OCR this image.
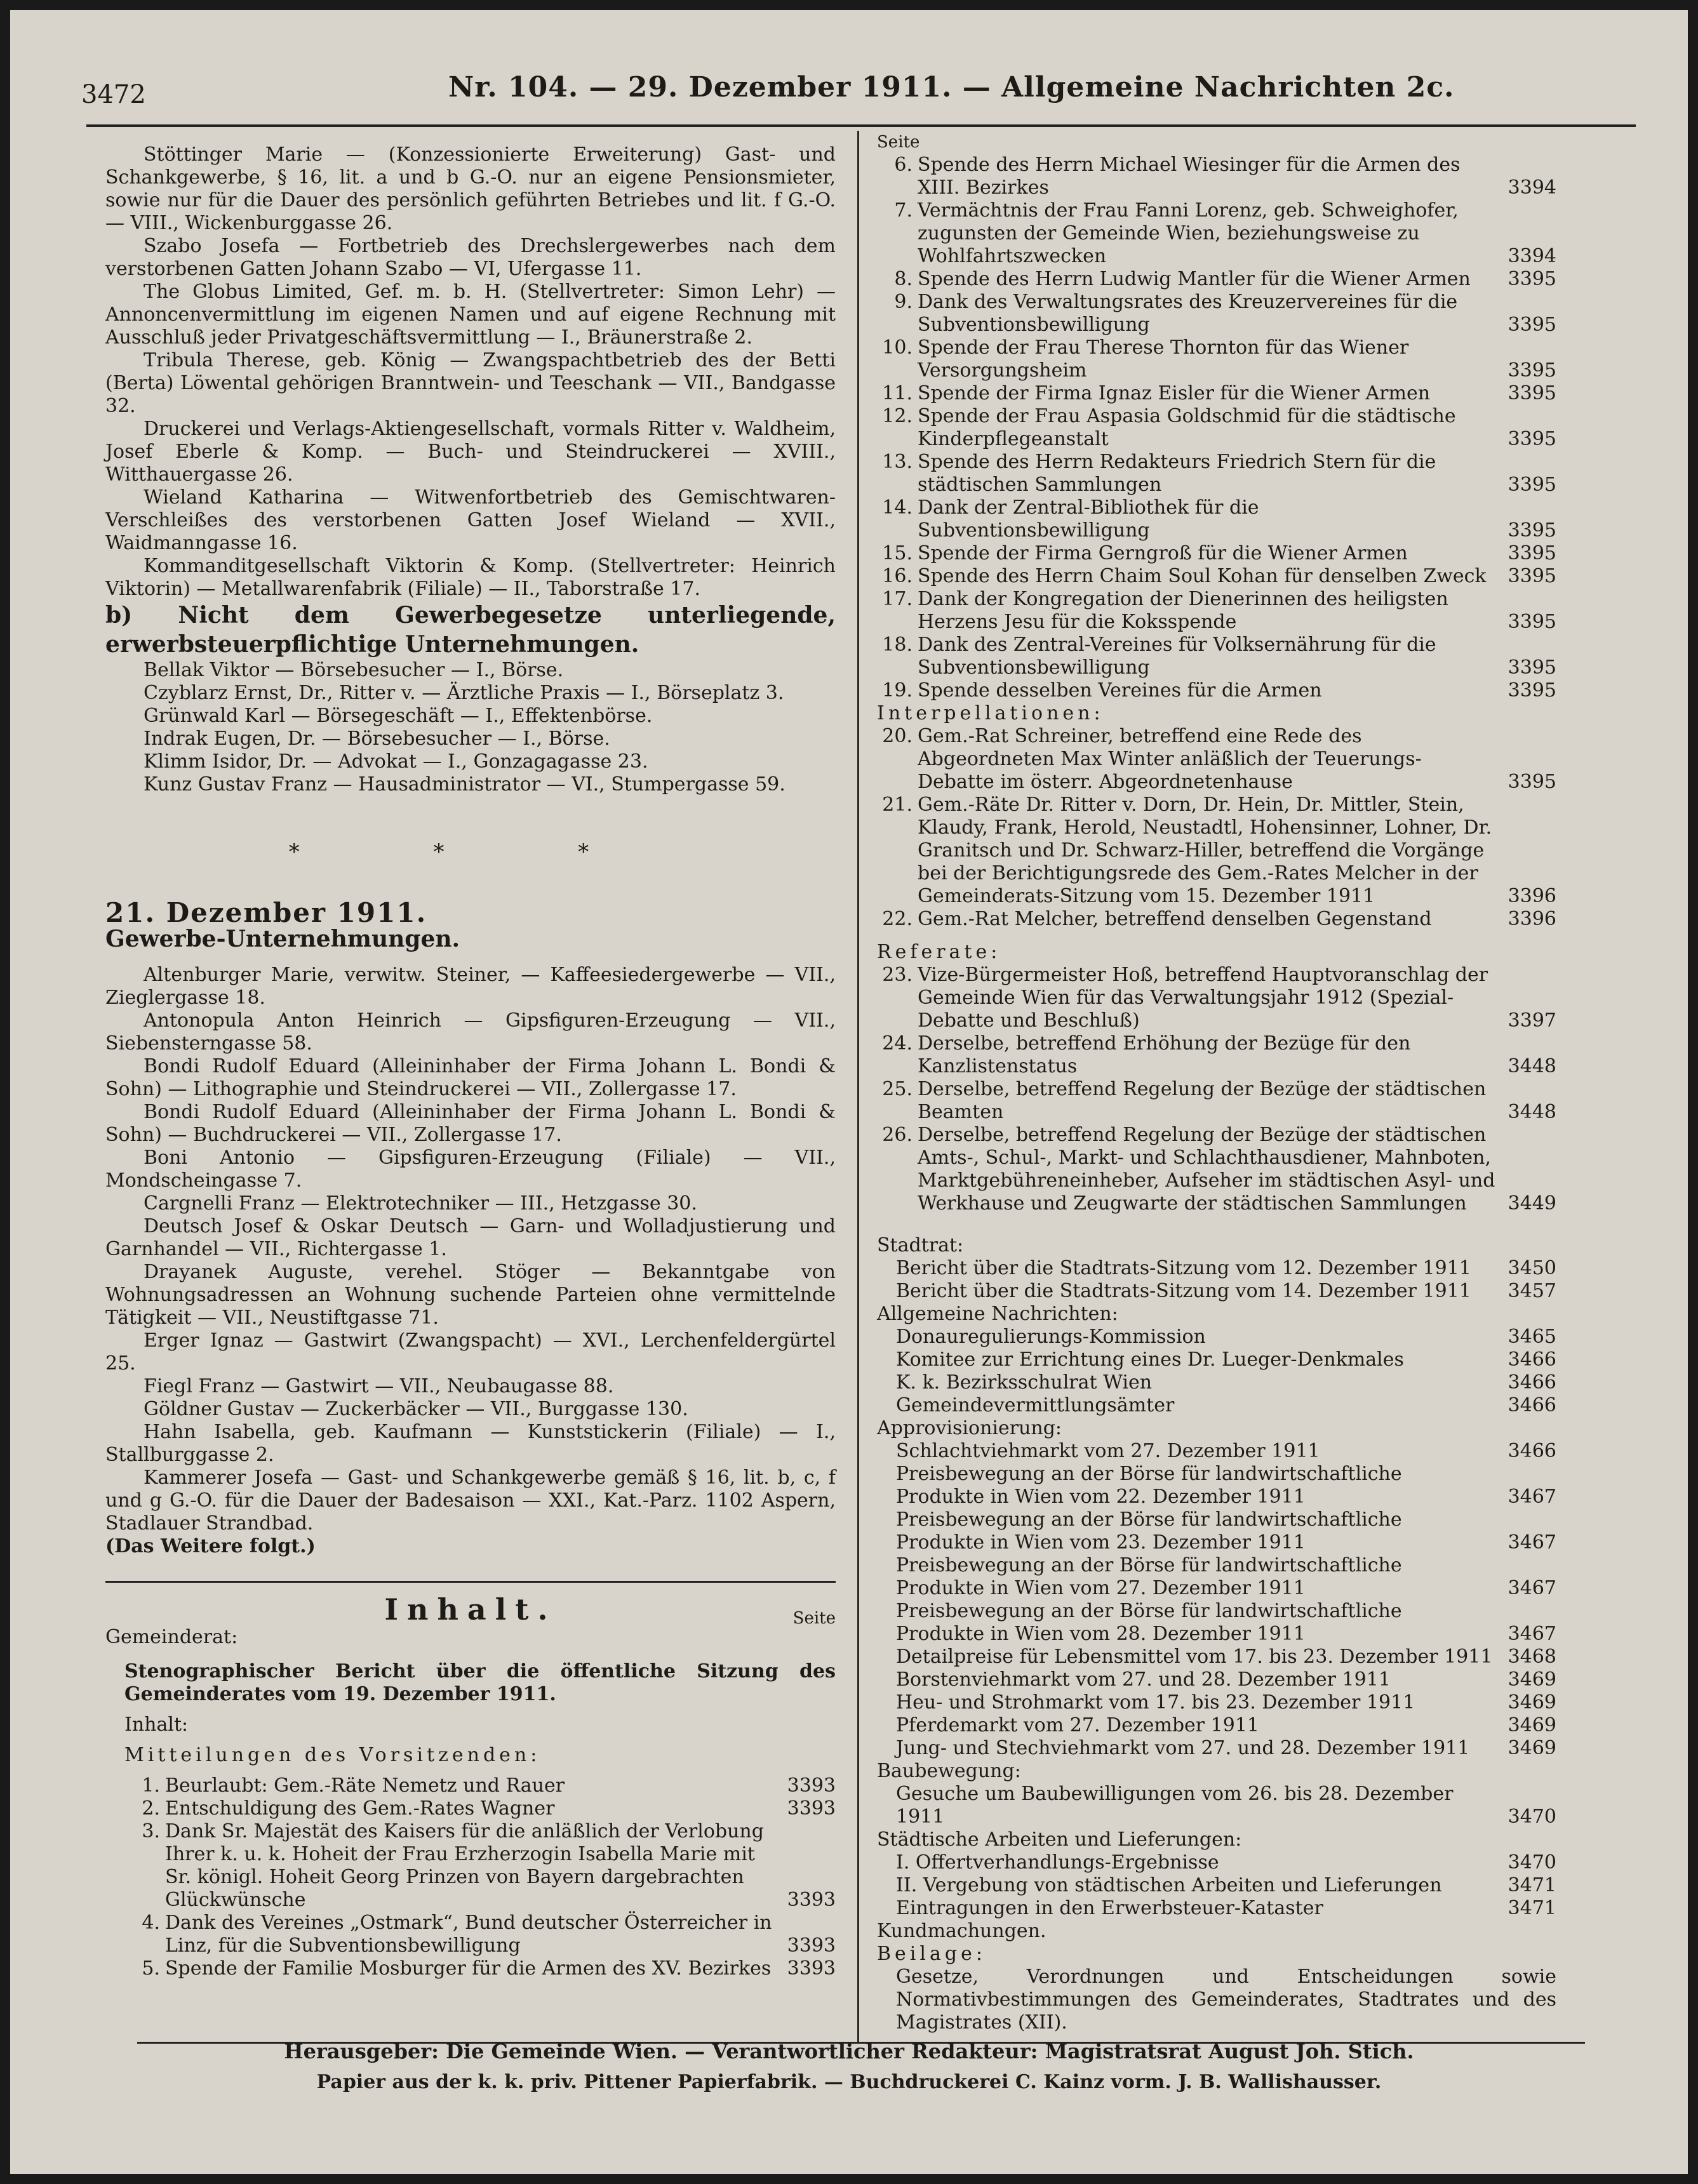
3472	Nr. 104. — 29. Dezember 1911. — Allgemeine Nachrichten 2c.

Stöttinger Marie — (Konzessionierte Erweiterung) Gast- und Schankgewerbe, § 16, lit. a und b G.-O. nur an eigene Pensionsmieter, sowie nur für die Dauer des persönlich geführten Betriebes und lit. f G.-O. — VIII., Wickenburggasse 26.

Szabo Josefa — Fortbetrieb des Drechslergewerbes nach dem verstorbenen Gatten Johann Szabo — VI, Ufergasse 11.

The Globus Limited, Gef. m. b. H. (Stellvertreter: Simon Lehr) — Annoncenvermittlung im eigenen Namen und auf eigene Rechnung mit Ausschluß jeder Privatgeschäftsvermittlung — I., Bräunerstraße 2.

Tribula Therese, geb. König — Zwangspachtbetrieb des der Betti (Berta) Löwental gehörigen Branntwein- und Teeschank — VII., Bandgasse 32.

Druckerei und Verlags-Aktiengesellschaft, vormals Ritter v. Waldheim, Josef Eberle & Komp. — Buch- und Steindruckerei — XVIII., Witthauergasse 26.

Wieland Katharina — Witwenfortbetrieb des Gemischtwaren-Verschleißes des verstorbenen Gatten Josef Wieland — XVII., Waidmanngasse 16.

Kommanditgesellschaft Viktorin & Komp. (Stellvertreter: Heinrich Viktorin) — Metallwarenfabrik (Filiale) — II., Taborstraße 17.

b) Nicht dem Gewerbegesetze unterliegende, erwerbsteuerpflichtige Unternehmungen.

Bellak Viktor — Börsebesucher — I., Börse.

Czyblarz Ernst, Dr., Ritter v. — Ärztliche Praxis — I., Börseplatz 3.

Grünwald Karl — Börsegeschäft — I., Effektenbörse.

Indrak Eugen, Dr. — Börsebesucher — I., Börse.

Klimm Isidor, Dr. — Advokat — I., Gonzagagasse 23.

Kunz Gustav Franz — Hausadministrator — VI., Stumpergasse 59.

* * *

21. Dezember 1911.

Gewerbe-Unternehmungen.

Altenburger Marie, verwitw. Steiner, — Kaffeesiedergewerbe — VII., Zieglergasse 18.

Antonopula Anton Heinrich — Gipsfiguren-Erzeugung — VII., Siebensterngasse 58.

Bondi Rudolf Eduard (Alleininhaber der Firma Johann L. Bondi & Sohn) — Lithographie und Steindruckerei — VII., Zollergasse 17.

Bondi Rudolf Eduard (Alleininhaber der Firma Johann L. Bondi & Sohn) — Buchdruckerei — VII., Zollergasse 17.

Boni Antonio — Gipsfiguren-Erzeugung (Filiale) — VII., Mondscheingasse 7.

Cargnelli Franz — Elektrotechniker — III., Hetzgasse 30.

Deutsch Josef & Oskar Deutsch — Garn- und Wolladjustierung und Garnhandel — VII., Richtergasse 1.

Drayanek Auguste, verehel. Stöger — Bekanntgabe von Wohnungsadressen an Wohnung suchende Parteien ohne vermittelnde Tätigkeit — VII., Neustiftgasse 71.

Erger Ignaz — Gastwirt (Zwangspacht) — XVI., Lerchenfeldergürtel 25.

Fiegl Franz — Gastwirt — VII., Neubaugasse 88.

Göldner Gustav — Zuckerbäcker — VII., Burggasse 130.

Hahn Isabella, geb. Kaufmann — Kunststickerin (Filiale) — I., Stallburggasse 2.

Kammerer Josefa — Gast- und Schankgewerbe gemäß § 16, lit. b, c, f und g G.-O. für die Dauer der Badesaison — XXI., Kat.-Parz. 1102 Aspern, Stadlauer Strandbad.

(Das Weitere folgt.)

Inhalt.	Seite

Gemeinderat:

Stenographischer Bericht über die öffentliche Sitzung des Gemeinderates vom 19. Dezember 1911.

Inhalt:

Mitteilungen des Vorsitzenden:

1. Beurlaubt: Gem.-Räte Nemetz und Rauer	3393
2. Entschuldigung des Gem.-Rates Wagner	3393
3. Dank Sr. Majestät des Kaisers für die anläßlich der Verlobung Ihrer k. u. k. Hoheit der Frau Erzherzogin Isabella Marie mit Sr. königl. Hoheit Georg Prinzen von Bayern dargebrachten Glückwünsche	3393
4. Dank des Vereines „Ostmark“, Bund deutscher Österreicher in Linz, für die Subventionsbewilligung	3393
5. Spende der Familie Mosburger für die Armen des XV. Bezirkes 3393

Seite

6. Spende des Herrn Michael Wiesinger für die Armen des XIII. Bezirkes	3394
7. Vermächtnis der Frau Fanni Lorenz, geb. Schweighofer, zugunsten der Gemeinde Wien, beziehungsweise zu Wohlfahrtszwecken	3394
8. Spende des Herrn Ludwig Mantler für die Wiener Armen	3395
9. Dank des Verwaltungsrates des Kreuzervereines für die Subventionsbewilligung	3395
10. Spende der Frau Therese Thornton für das Wiener Versorgungsheim	3395
11. Spende der Firma Ignaz Eisler für die Wiener Armen	3395
12. Spende der Frau Aspasia Goldschmid für die städtische Kinderpflegeanstalt	3395
13. Spende des Herrn Redakteurs Friedrich Stern für die städtischen Sammlungen	3395
14. Dank der Zentral-Bibliothek für die Subventionsbewilligung	3395
15. Spende der Firma Gerngroß für die Wiener Armen	3395
16. Spende des Herrn Chaim Soul Kohan für denselben Zweck	3395
17. Dank der Kongregation der Dienerinnen des heiligsten Herzens Jesu für die Koksspende	3395
18. Dank des Zentral-Vereines für Volksernährung für die Subventionsbewilligung	3395
19. Spende desselben Vereines für die Armen	3395

Interpellationen:

20. Gem.-Rat Schreiner, betreffend eine Rede des Abgeordneten Max Winter anläßlich der Teuerungs-Debatte im österr. Abgeordnetenhause	3395
21. Gem.-Räte Dr. Ritter v. Dorn, Dr. Hein, Dr. Mittler, Stein, Klaudy, Frank, Herold, Neustadtl, Hohensinner, Lohner, Dr. Granitsch und Dr. Schwarz-Hiller, betreffend die Vorgänge bei der Berichtigungsrede des Gem.-Rates Melcher in der Gemeinderats-Sitzung vom 15. Dezember 1911	3396
22. Gem.-Rat Melcher, betreffend denselben Gegenstand	3396

Referate:

23. Vize-Bürgermeister Hoß, betreffend Hauptvoranschlag der Gemeinde Wien für das Verwaltungsjahr 1912 (Spezial-Debatte und Beschluß)	3397
24. Derselbe, betreffend Erhöhung der Bezüge für den Kanzlistenstatus	3448
25. Derselbe, betreffend Regelung der Bezüge der städtischen Beamten	3448
26. Derselbe, betreffend Regelung der Bezüge der städtischen Amts-, Schul-, Markt- und Schlachthausdiener, Mahnboten, Marktgebühreneinheber, Aufseher im städtischen Asyl- und Werkhause und Zeugwarte der städtischen Sammlungen	3449

Stadtrat:

Bericht über die Stadtrats-Sitzung vom 12. Dezember 1911	3450
Bericht über die Stadtrats-Sitzung vom 14. Dezember 1911	3457

Allgemeine Nachrichten:

Donauregulierungs-Kommission	3465
Komitee zur Errichtung eines Dr. Lueger-Denkmales	3466
K. k. Bezirksschulrat Wien	3466
Gemeindevermittlungsämter	3466

Approvisionierung:

Schlachtviehmarkt vom 27. Dezember 1911	3466
Preisbewegung an der Börse für landwirtschaftliche Produkte in Wien vom 22. Dezember 1911	3467
Preisbewegung an der Börse für landwirtschaftliche Produkte in Wien vom 23. Dezember 1911	3467
Preisbewegung an der Börse für landwirtschaftliche Produkte in Wien vom 27. Dezember 1911	3467
Preisbewegung an der Börse für landwirtschaftliche Produkte in Wien vom 28. Dezember 1911	3467
Detailpreise für Lebensmittel vom 17. bis 23. Dezember 1911 3468
Borstenviehmarkt vom 27. und 28. Dezember 1911	3469
Heu- und Strohmarkt vom 17. bis 23. Dezember 1911	3469
Pferdemarkt vom 27. Dezember 1911	3469
Jung- und Stechviehmarkt vom 27. und 28. Dezember 1911	3469

Baubewegung:

Gesuche um Baubewilligungen vom 26. bis 28. Dezember 1911	3470

Städtische Arbeiten und Lieferungen:

I. Offertverhandlungs-Ergebnisse	3470
II. Vergebung von städtischen Arbeiten und Lieferungen	3471
Eintragungen in den Erwerbsteuer-Kataster	3471

Kundmachungen.

Beilage:

Gesetze, Verordnungen und Entscheidungen sowie Normativbestimmungen des Gemeinderates, Stadtrates und des Magistrates (XII).

Herausgeber: Die Gemeinde Wien. — Verantwortlicher Redakteur: Magistratsrat August Joh. Stich.
Papier aus der k. k. priv. Pittener Papierfabrik. — Buchdruckerei C. Kainz vorm. J. B. Wallishausser.
